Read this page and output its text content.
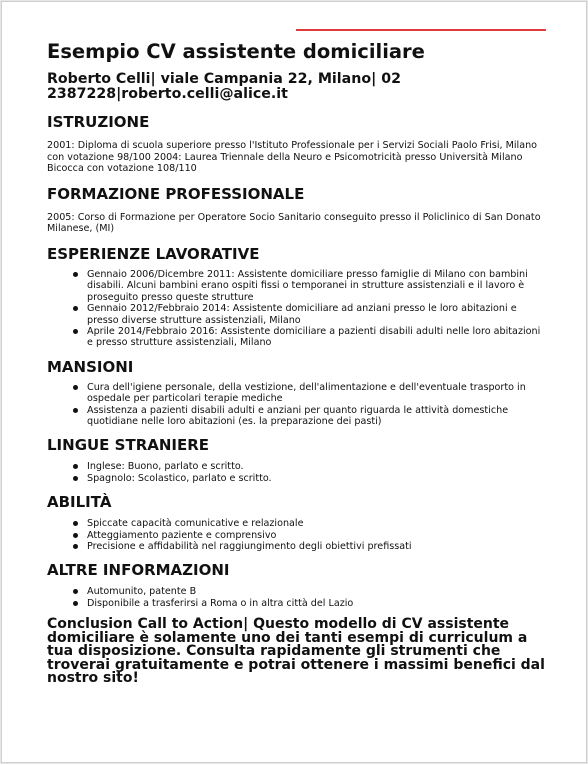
Esempio CV assistente domiciliare
Roberto Celli| viale Campania 22, Milano| 02 2387228|roberto.celli@alice.it
ISTRUZIONE

2001: Diploma di scuola superiore presso l'Istituto Professionale per i Servizi Sociali Paolo Frisi, Milano con votazione 98/100 2004: Laurea Triennale della Neuro e Psicomotricità presso Università Milano Bicocca con votazione 108/110

FORMAZIONE PROFESSIONALE

2005: Corso di Formazione per Operatore Socio Sanitario conseguito presso il Policlinico di San Donato Milanese, (MI)

ESPERIENZE LAVORATIVE
Gennaio 2006/Dicembre 2011: Assistente domiciliare presso famiglie di Milano con bambini disabili. Alcuni bambini erano ospiti fissi o temporanei in strutture assistenziali e il lavoro è proseguito presso queste strutture
Gennaio 2012/Febbraio 2014: Assistente domiciliare ad anziani presso le loro abitazioni e presso diverse strutture assistenziali, Milano
Aprile 2014/Febbraio 2016: Assistente domiciliare a pazienti disabili adulti nelle loro abitazioni e presso strutture assistenziali, Milano
MANSIONI
Cura dell'igiene personale, della vestizione, dell'alimentazione e dell'eventuale trasporto in ospedale per particolari terapie mediche
Assistenza a pazienti disabili adulti e anziani per quanto riguarda le attività domestiche quotidiane nelle loro abitazioni (es. la preparazione dei pasti)
LINGUE STRANIERE
Inglese: Buono, parlato e scritto.
Spagnolo: Scolastico, parlato e scritto.
ABILITÀ
Spiccate capacità comunicative e relazionale
Atteggiamento paziente e comprensivo
Precisione e affidabilità nel raggiungimento degli obiettivi prefissati
ALTRE INFORMAZIONI
Automunito, patente B
Disponibile a trasferirsi a Roma o in altra città del Lazio
Conclusion Call to Action| Questo modello di CV assistente domiciliare è solamente uno dei tanti esempi di curriculum a tua disposizione. Consulta rapidamente gli strumenti che troverai gratuitamente e potrai ottenere i massimi benefici dal nostro sito!
